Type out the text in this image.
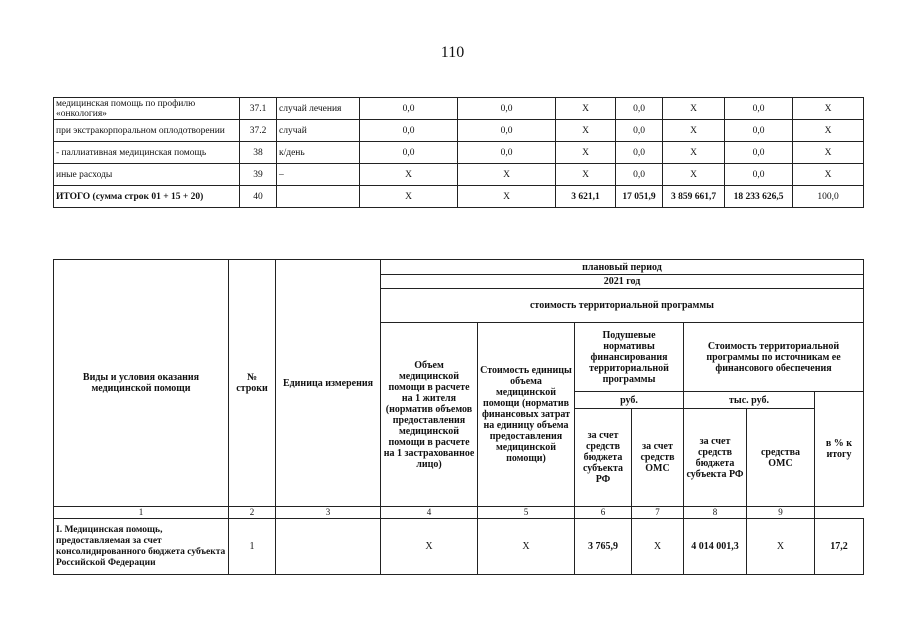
110
медицинская помощь по профилю «онкология»	37.1	случай лечения	0,0	0,0	Х	0,0	Х	0,0	Х
при экстракорпоральном оплодотворении	37.2	случай	0,0	0,0	Х	0,0	Х	0,0	Х
- паллиативная медицинская помощь	38	к/день	0,0	0,0	Х	0,0	Х	0,0	Х
иные расходы	39	–	Х	Х	Х	0,0	Х	0,0	Х
ИТОГО (сумма строк 01 + 15 + 20)	40		Х	Х	3 621,1	17 051,9	3 859 661,7	18 233 626,5	100,0
Виды и условия оказания медицинской помощи	№ строки	Единица измерения	плановый период						
			2021 год						
			стоимость территориальной программы						
			Объем медицинской помощи в расчете на 1 жителя (норматив объемов предоставления медицинской помощи в расчете на 1 застрахованное лицо)	Стоимость единицы объема медицинской помощи (норматив финансовых затрат на единицу объема предоставления медицинской помощи)	Подушевые нормативы финансирования территориальной программы		Стоимость территориальной программы по источникам ее финансового обеспечения		
					руб.		тыс. руб.		в % к итогу
					за счет средств бюджета субъекта РФ	за счет средств ОМС	за счет средств бюджета субъекта РФ	средства ОМС	

1	2	3	4	5	6	7	8	9	
I. Медицинская помощь, предоставляемая за счет консолидированного бюджета субъекта Российской Федерации	1		Х	Х	3 765,9	Х	4 014 001,3	Х	17,2
